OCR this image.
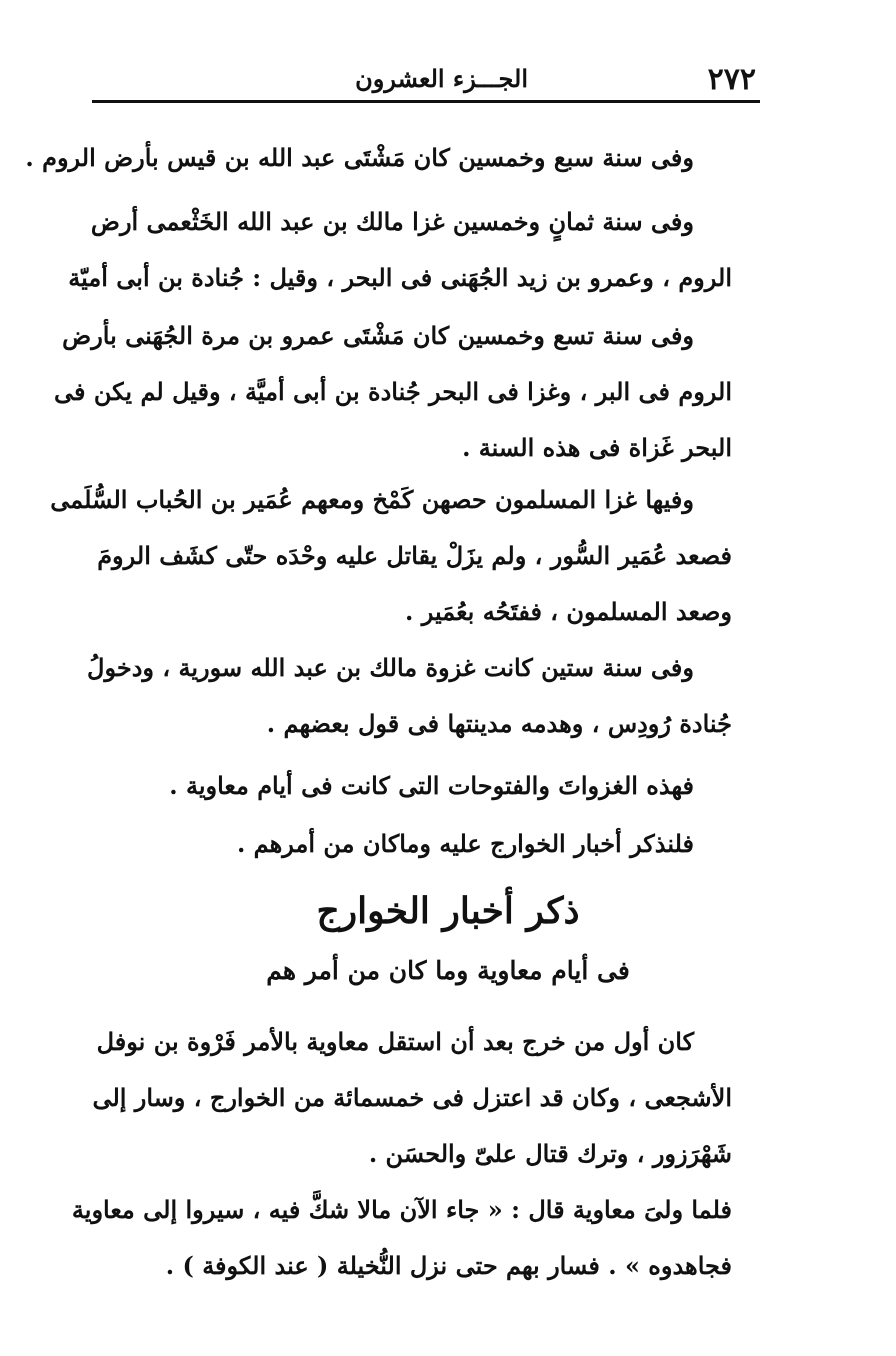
٢٧٢
الجـــزء العشرون
وفى سنة سبع وخمسين كان مَشْتَى عبد الله بن قيس بأرض الروم .
وفى سنة ثمانٍ وخمسين غزا مالك بن عبد الله الخَثْعمى أرض
الروم ، وعمرو بن زيد الجُهَنى فى البحر ، وقيل : جُنادة بن أبى أميّة
وفى سنة تسع وخمسين كان مَشْتَى عمرو بن مرة الجُهَنى بأرض
الروم فى البر ، وغزا فى البحر جُنادة بن أبى أميَّة ، وقيل لم يكن فى
البحر غَزاة فى هذه السنة .
وفيها غزا المسلمون حصهن كَمْخ ومعهم عُمَير بن الحُباب السُّلَمى
فصعد عُمَير السُّور ، ولم يزَلْ يقاتل عليه وحْدَه حتّى كشَف الرومَ
وصعد المسلمون ، ففتَحُه بعُمَير .
وفى سنة ستين كانت غزوة مالك بن عبد الله سورية ، ودخولُ
جُنادة رُودِس ، وهدمه مدينتها فى قول بعضهم .
فهذه الغزواتَ والفتوحات التى كانت فى أيام معاوية .
فلنذكر أخبار الخوارج عليه وماكان من أمرهم .
ذكر أخبار الخوارج
فى أيام معاوية وما كان من أمر هم
كان أول من خرج بعد أن استقل معاوية بالأمر فَرْوة بن نوفل
الأشجعى ، وكان قد اعتزل فى خمسمائة من الخوارج ، وسار إلى
شَهْرَزور ، وترك قتال علىّ والحسَن .
فلما ولىَ معاوية قال : « جاء الآن مالا شكَّ فيه ، سيروا إلى معاوية
فجاهدوه » . فسار بهم حتى نزل النُّخيلة ( عند الكوفة ) .
